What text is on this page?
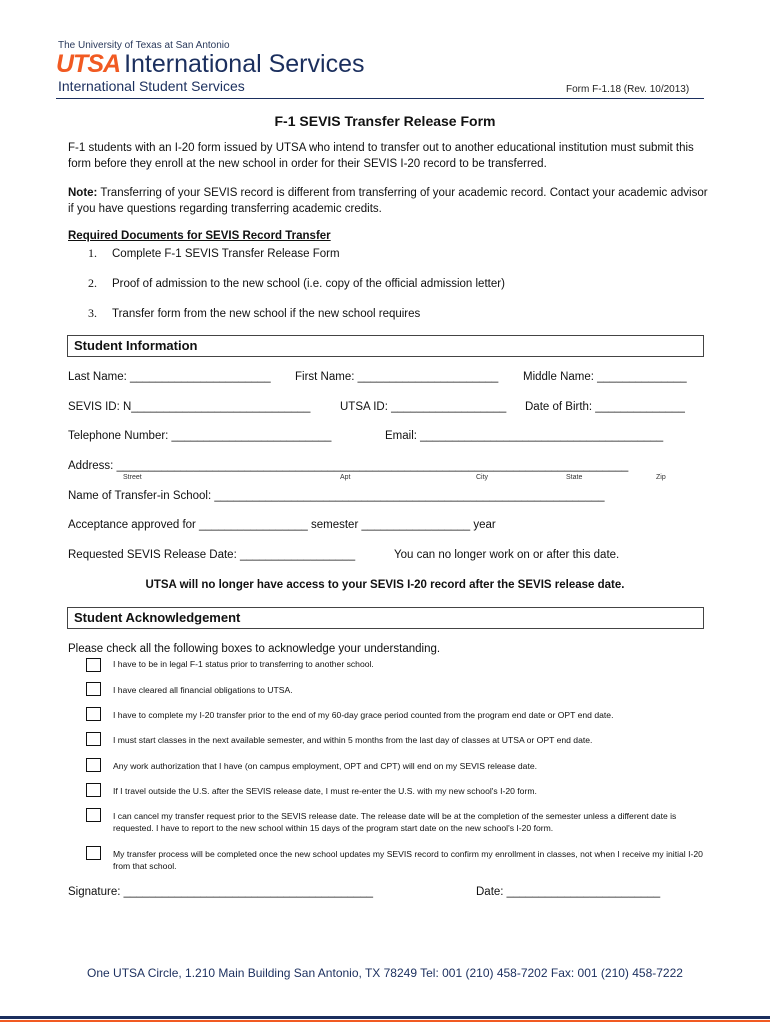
The University of Texas at San Antonio
UTSA International Services
International Student Services	Form F-1.18 (Rev. 10/2013)
F-1 SEVIS Transfer Release Form
F-1 students with an I-20 form issued by UTSA who intend to transfer out to another educational institution must submit this form before they enroll at the new school in order for their SEVIS I-20 record to be transferred.
Note: Transferring of your SEVIS record is different from transferring of your academic record. Contact your academic advisor if you have questions regarding transferring academic credits.
Required Documents for SEVIS Record Transfer
1. Complete F-1 SEVIS Transfer Release Form
2. Proof of admission to the new school (i.e. copy of the official admission letter)
3. Transfer form from the new school if the new school requires
Student Information
Last Name: ______________________ First Name: ______________________ Middle Name: ______________
SEVIS ID: N____________________________	UTSA ID: __________________ Date of Birth: ______________
Telephone Number: _________________________	Email: ______________________________________
Address: ________________________________________________________________________________
Street	Apt	City	State	Zip
Name of Transfer-in School: _____________________________________________________________
Acceptance approved for _________________ semester _________________ year
Requested SEVIS Release Date: __________________	You can no longer work on or after this date.
UTSA will no longer have access to your SEVIS I-20 record after the SEVIS release date.
Student Acknowledgement
Please check all the following boxes to acknowledge your understanding.
I have to be in legal F-1 status prior to transferring to another school.
I have cleared all financial obligations to UTSA.
I have to complete my I-20 transfer prior to the end of my 60-day grace period counted from the program end date or OPT end date.
I must start classes in the next available semester, and within 5 months from the last day of classes at UTSA or OPT end date.
Any work authorization that I have (on campus employment, OPT and CPT) will end on my SEVIS release date.
If I travel outside the U.S. after the SEVIS release date, I must re-enter the U.S. with my new school's I-20 form.
I can cancel my transfer request prior to the SEVIS release date. The release date will be at the completion of the semester unless a different date is requested. I have to report to the new school within 15 days of the program start date on the new school's I-20 form.
My transfer process will be completed once the new school updates my SEVIS record to confirm my enrollment in classes, not when I receive my initial I-20 from that school.
Signature: _______________________________________	Date: ________________________
One UTSA Circle, 1.210 Main Building San Antonio, TX 78249 Tel: 001 (210) 458-7202 Fax: 001 (210) 458-7222
